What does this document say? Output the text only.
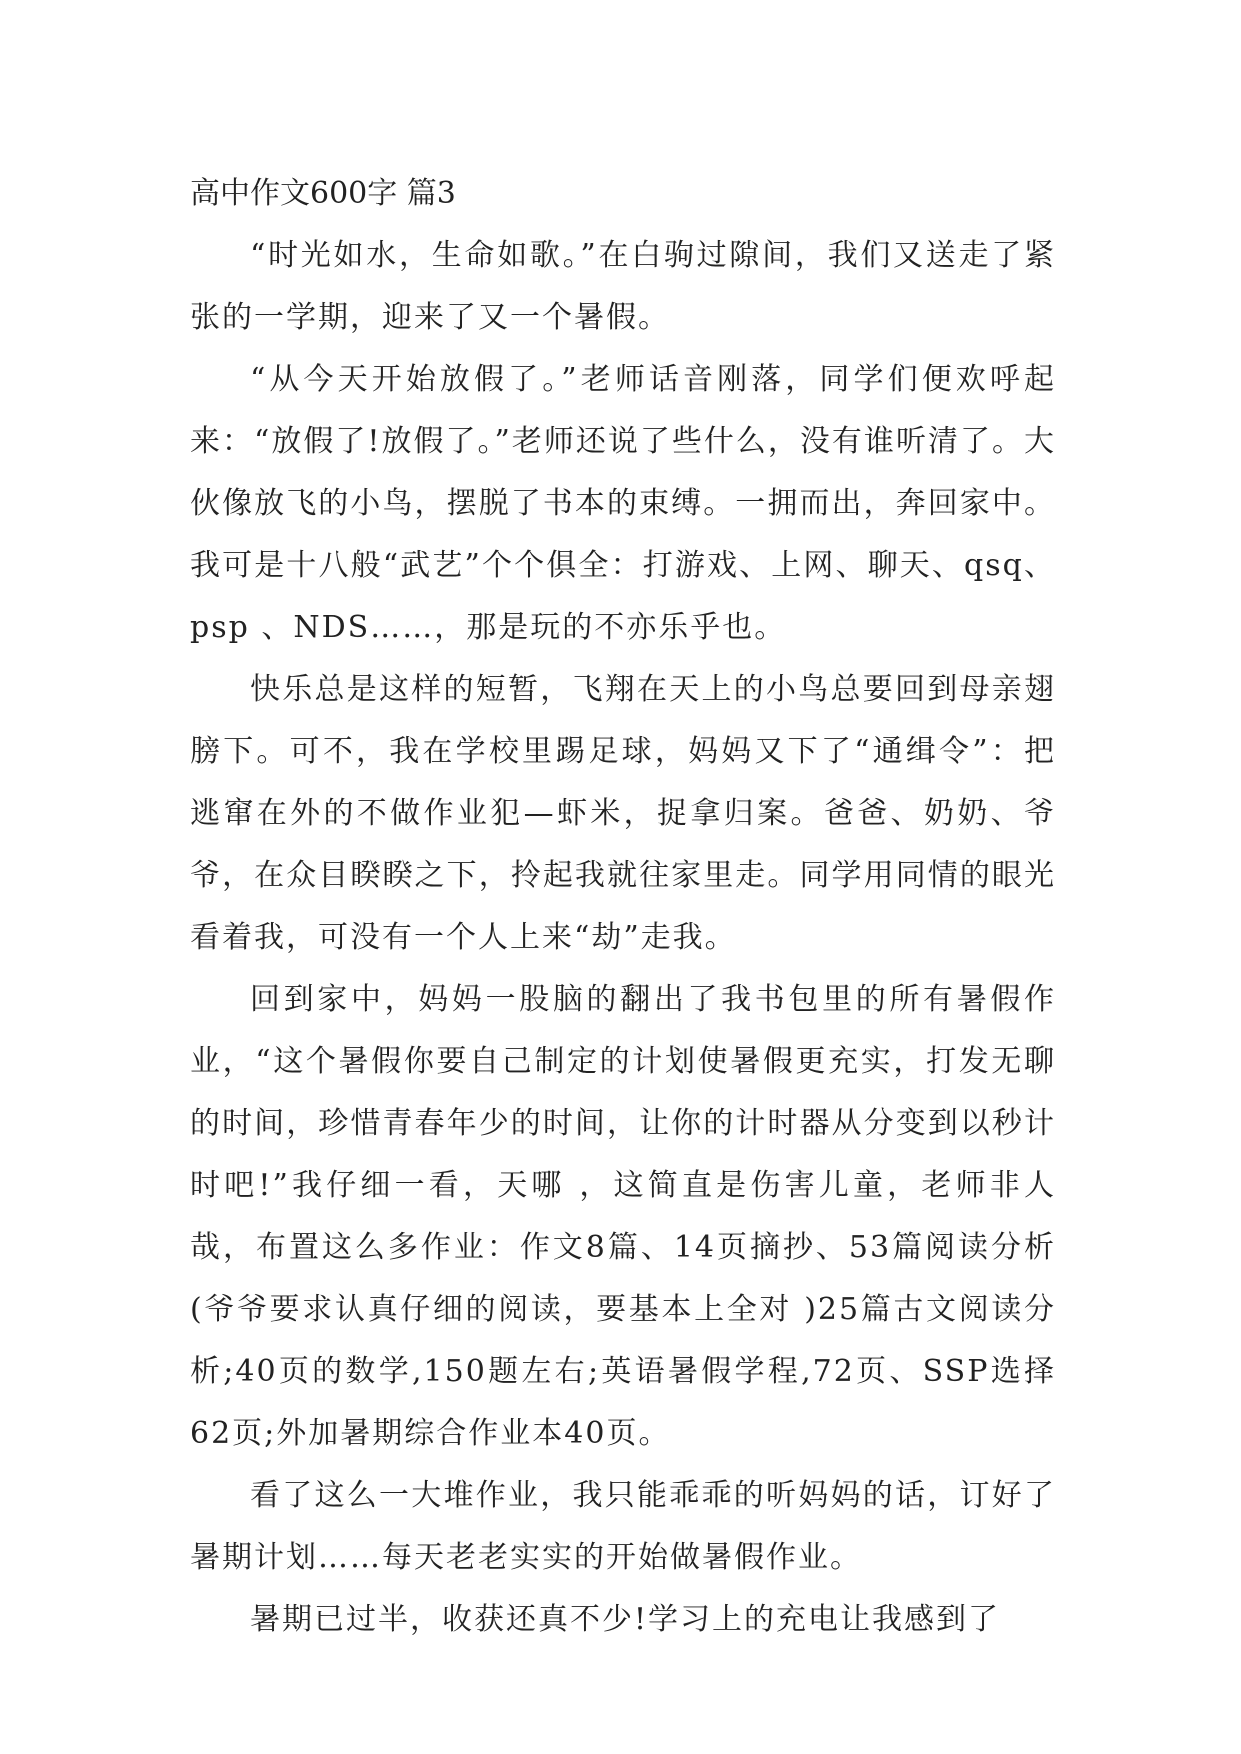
高中作文600字 篇3

“时光如水，生命如歌。”在白驹过隙间，我们又送走了紧张的一学期，迎来了又一个暑假。

“从今天开始放假了。”老师话音刚落，同学们便欢呼起来：“放假了!放假了。”老师还说了些什么，没有谁听清了。大伙像放飞的小鸟，摆脱了书本的束缚。一拥而出，奔回家中。我可是十八般“武艺”个个俱全：打游戏、上网、聊天、qsq、psp 、NDS……，那是玩的不亦乐乎也。

快乐总是这样的短暂，飞翔在天上的小鸟总要回到母亲翅膀下。可不，我在学校里踢足球，妈妈又下了“通缉令”：把逃窜在外的不做作业犯—虾米，捉拿归案。爸爸、奶奶、爷爷，在众目睽睽之下，拎起我就往家里走。同学用同情的眼光看着我，可没有一个人上来“劫”走我。

回到家中，妈妈一股脑的翻出了我书包里的所有暑假作业，“这个暑假你要自己制定的计划使暑假更充实，打发无聊的时间，珍惜青春年少的时间，让你的计时器从分变到以秒计时吧!”我仔细一看，天哪 ，这简直是伤害儿童，老师非人哉，布置这么多作业：作文8篇、14页摘抄、53篇阅读分析(爷爷要求认真仔细的阅读，要基本上全对 )25篇古文阅读分析;40页的数学,150题左右;英语暑假学程,72页、SSP选择62页;外加暑期综合作业本40页。

看了这么一大堆作业，我只能乖乖的听妈妈的话，订好了暑期计划……每天老老实实的开始做暑假作业。

暑期已过半，收获还真不少!学习上的充电让我感到了
